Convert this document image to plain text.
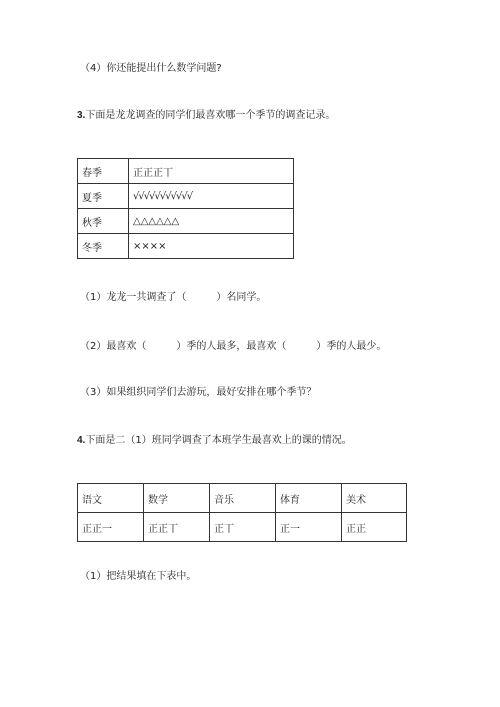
（4）你还能提出什么数学问题?
3.下面是龙龙调查的同学们最喜欢哪一个季节的调查记录。
春季	正正正丅
夏季	√√√√√√√√√√√
秋季	△△△△△△
冬季	××××
（1）龙龙一共调查了（　　　）名同学。
（2）最喜欢（　　　）季的人最多，最喜欢（　　　）季的人最少。
（3）如果组织同学们去游玩，最好安排在哪个季节？
4.下面是二（1）班同学调查了本班学生最喜欢上的课的情况。
语文	数学	音乐	体育	美术
正正一	正正丅	正丅	正一	正正
（1）把结果填在下表中。
